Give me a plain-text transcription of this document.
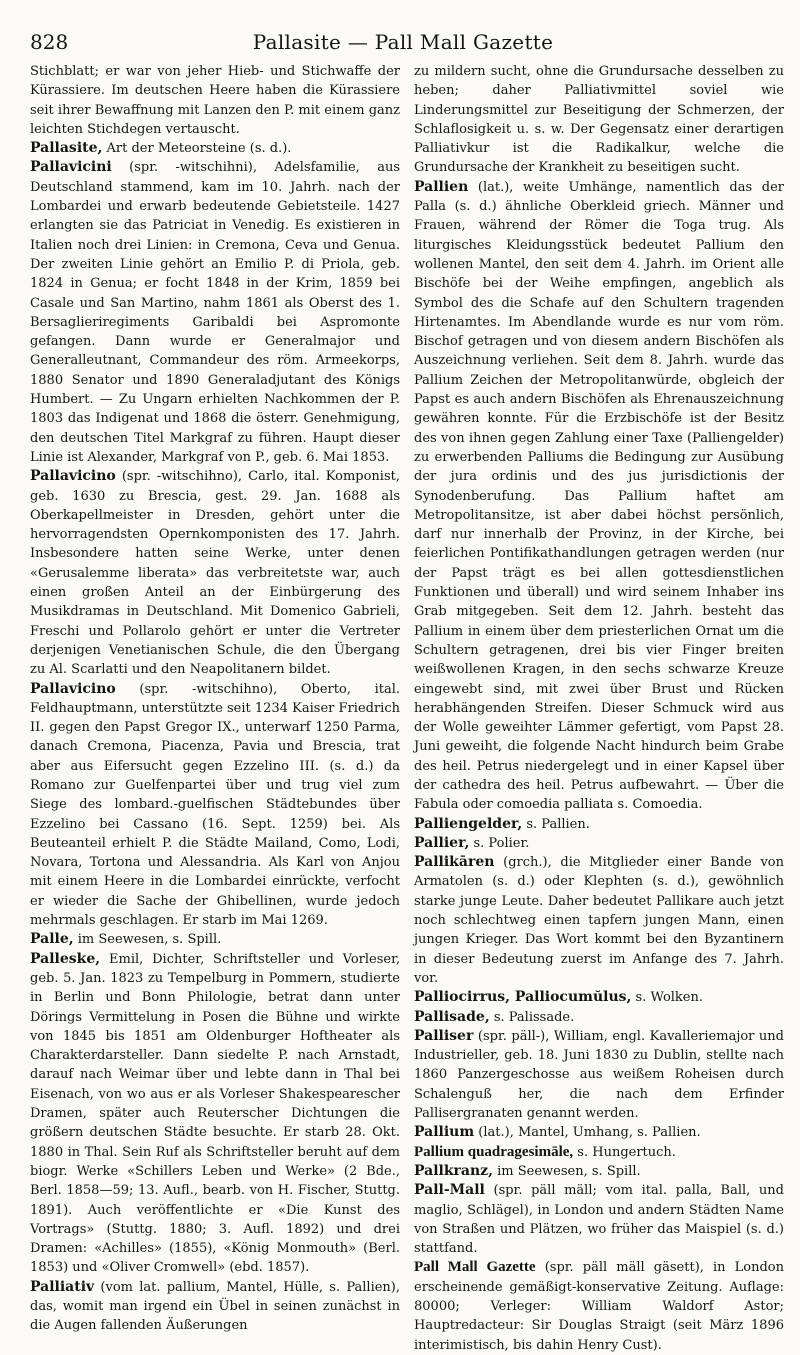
828	Pallasite — Pall Mall Gazette

Stichblatt; er war von jeher Hieb- und Stichwaffe der Kürassiere. Im deutschen Heere haben die Kürassiere seit ihrer Bewaffnung mit Lanzen den P. mit einem ganz leichten Stichdegen vertauscht.

Pallasite, Art der Meteorsteine (s. d.).

Pallavicini (spr. -witschihni), Adelsfamilie, aus Deutschland stammend, kam im 10. Jahrh. nach der Lombardei und erwarb bedeutende Gebietsteile. 1427 erlangten sie das Patriciat in Venedig. Es existieren in Italien noch drei Linien: in Cremona, Ceva und Genua. Der zweiten Linie gehört an Emilio P. di Priola, geb. 1824 in Genua; er focht 1848 in der Krim, 1859 bei Casale und San Martino, nahm 1861 als Oberst des 1. Bersaglieriregiments Garibaldi bei Aspromonte gefangen. Dann wurde er Generalmajor und Generalleutnant, Commandeur des röm. Armeekorps, 1880 Senator und 1890 Generaladjutant des Königs Humbert. — Zu Ungarn erhielten Nachkommen der P. 1803 das Indigenat und 1868 die österr. Genehmigung, den deutschen Titel Markgraf zu führen. Haupt dieser Linie ist Alexander, Markgraf von P., geb. 6. Mai 1853.

Pallavicino (spr. -witschihno), Carlo, ital. Komponist, geb. 1630 zu Brescia, gest. 29. Jan. 1688 als Oberkapellmeister in Dresden, gehört unter die hervorragendsten Opernkomponisten des 17. Jahrh. Insbesondere hatten seine Werke, unter denen «Gerusalemme liberata» das verbreitetste war, auch einen großen Anteil an der Einbürgerung des Musikdramas in Deutschland. Mit Domenico Gabrieli, Freschi und Pollarolo gehört er unter die Vertreter derjenigen Venetianischen Schule, die den Übergang zu Al. Scarlatti und den Neapolitanern bildet.

Pallavicino (spr. -witschihno), Oberto, ital. Feldhauptmann, unterstützte seit 1234 Kaiser Friedrich II. gegen den Papst Gregor IX., unterwarf 1250 Parma, danach Cremona, Piacenza, Pavia und Brescia, trat aber aus Eifersucht gegen Ezzelino III. (s. d.) da Romano zur Guelfenpartei über und trug viel zum Siege des lombard.-guelfischen Städtebundes über Ezzelino bei Cassano (16. Sept. 1259) bei. Als Beuteanteil erhielt P. die Städte Mailand, Como, Lodi, Novara, Tortona und Alessandria. Als Karl von Anjou mit einem Heere in die Lombardei einrückte, verfocht er wieder die Sache der Ghibellinen, wurde jedoch mehrmals geschlagen. Er starb im Mai 1269.

Palle, im Seewesen, s. Spill.

Palleske, Emil, Dichter, Schriftsteller und Vorleser, geb. 5. Jan. 1823 zu Tempelburg in Pommern, studierte in Berlin und Bonn Philologie, betrat dann unter Dörings Vermittelung in Posen die Bühne und wirkte von 1845 bis 1851 am Oldenburger Hoftheater als Charakterdarsteller. Dann siedelte P. nach Arnstadt, darauf nach Weimar über und lebte dann in Thal bei Eisenach, von wo aus er als Vorleser Shakespearescher Dramen, später auch Reuterscher Dichtungen die größern deutschen Städte besuchte. Er starb 28. Okt. 1880 in Thal. Sein Ruf als Schriftsteller beruht auf dem biogr. Werke «Schillers Leben und Werke» (2 Bde., Berl. 1858—59; 13. Aufl., bearb. von H. Fischer, Stuttg. 1891). Auch veröffentlichte er «Die Kunst des Vortrags» (Stuttg. 1880; 3. Aufl. 1892) und drei Dramen: «Achilles» (1855), «König Monmouth» (Berl. 1853) und «Oliver Cromwell» (ebd. 1857).

Palliativ (vom lat. pallium, Mantel, Hülle, s. Pallien), das, womit man irgend ein Übel in seinen zunächst in die Augen fallenden Äußerungen

zu mildern sucht, ohne die Grundursache desselben zu heben; daher Palliativmittel soviel wie Linderungsmittel zur Beseitigung der Schmerzen, der Schlaflosigkeit u. s. w. Der Gegensatz einer derartigen Palliativkur ist die Radikalkur, welche die Grundursache der Krankheit zu beseitigen sucht.

Pallien (lat.), weite Umhänge, namentlich das der Palla (s. d.) ähnliche Oberkleid griech. Männer und Frauen, während der Römer die Toga trug. Als liturgisches Kleidungsstück bedeutet Pallium den wollenen Mantel, den seit dem 4. Jahrh. im Orient alle Bischöfe bei der Weihe empfingen, angeblich als Symbol des die Schafe auf den Schultern tragenden Hirtenamtes. Im Abendlande wurde es nur vom röm. Bischof getragen und von diesem andern Bischöfen als Auszeichnung verliehen. Seit dem 8. Jahrh. wurde das Pallium Zeichen der Metropolitanwürde, obgleich der Papst es auch andern Bischöfen als Ehrenauszeichnung gewähren konnte. Für die Erzbischöfe ist der Besitz des von ihnen gegen Zahlung einer Taxe (Palliengelder) zu erwerbenden Palliums die Bedingung zur Ausübung der jura ordinis und des jus jurisdictionis der Synodenberufung. Das Pallium haftet am Metropolitansitze, ist aber dabei höchst persönlich, darf nur innerhalb der Provinz, in der Kirche, bei feierlichen Pontifikathandlungen getragen werden (nur der Papst trägt es bei allen gottesdienstlichen Funktionen und überall) und wird seinem Inhaber ins Grab mitgegeben. Seit dem 12. Jahrh. besteht das Pallium in einem über dem priesterlichen Ornat um die Schultern getragenen, drei bis vier Finger breiten weißwollenen Kragen, in den sechs schwarze Kreuze eingewebt sind, mit zwei über Brust und Rücken herabhängenden Streifen. Dieser Schmuck wird aus der Wolle geweihter Lämmer gefertigt, vom Papst 28. Juni geweiht, die folgende Nacht hindurch beim Grabe des heil. Petrus niedergelegt und in einer Kapsel über der cathedra des heil. Petrus aufbewahrt. — Über die Fabula oder comoedia palliata s. Comoedia.

Palliengelder, s. Pallien.

Pallier, s. Polier.

Pallikāren (grch.), die Mitglieder einer Bande von Armatolen (s. d.) oder Klephten (s. d.), gewöhnlich starke junge Leute. Daher bedeutet Pallikare auch jetzt noch schlechtweg einen tapfern jungen Mann, einen jungen Krieger. Das Wort kommt bei den Byzantinern in dieser Bedeutung zuerst im Anfange des 7. Jahrh. vor.

Palliocirrus, Palliocumŭlus, s. Wolken.

Pallisade, s. Palissade.

Palliser (spr. päll-), William, engl. Kavalleriemajor und Industrieller, geb. 18. Juni 1830 zu Dublin, stellte nach 1860 Panzergeschosse aus weißem Roheisen durch Schalenguß her, die nach dem Erfinder Pallisergranaten genannt werden.

Pallium (lat.), Mantel, Umhang, s. Pallien.

Pallium quadragesimāle, s. Hungertuch.

Pallkranz, im Seewesen, s. Spill.

Pall-Mall (spr. päll mäll; vom ital. palla, Ball, und maglio, Schlägel), in London und andern Städten Name von Straßen und Plätzen, wo früher das Maispiel (s. d.) stattfand.

Pall Mall Gazette (spr. päll mäll gäsett), in London erscheinende gemäßigt-konservative Zeitung. Auflage: 80000; Verleger: William Waldorf Astor; Hauptredacteur: Sir Douglas Straigt (seit März 1896 interimistisch, bis dahin Henry Cust).
